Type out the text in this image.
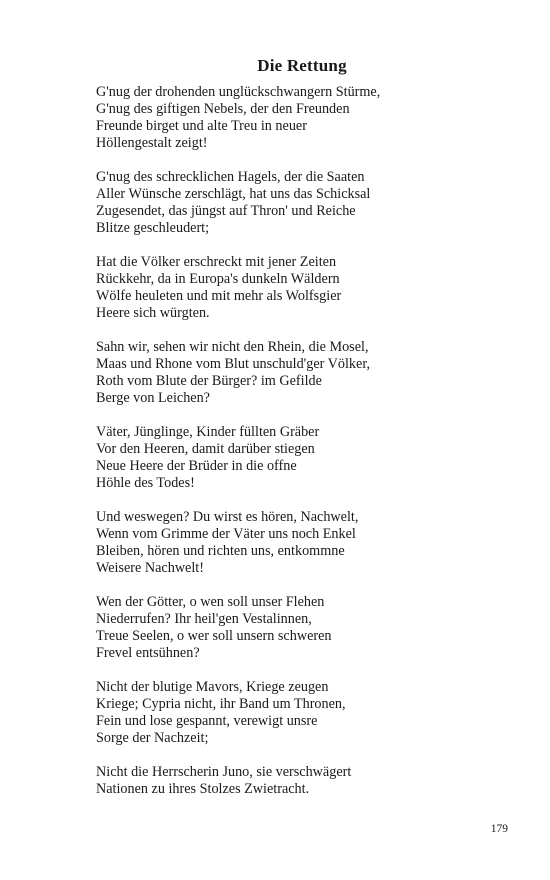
Die Rettung
G'nug der drohenden unglückschwangern Stürme,
G'nug des giftigen Nebels, der den Freunden
Freunde birget und alte Treu in neuer
Höllengestalt zeigt!
G'nug des schrecklichen Hagels, der die Saaten
Aller Wünsche zerschlägt, hat uns das Schicksal
Zugesendet, das jüngst auf Thron' und Reiche
Blitze geschleudert;
Hat die Völker erschreckt mit jener Zeiten
Rückkehr, da in Europa's dunkeln Wäldern
Wölfe heuleten und mit mehr als Wolfsgier
Heere sich würgten.
Sahn wir, sehen wir nicht den Rhein, die Mosel,
Maas und Rhone vom Blut unschuld'ger Völker,
Roth vom Blute der Bürger? im Gefilde
Berge von Leichen?
Väter, Jünglinge, Kinder füllten Gräber
Vor den Heeren, damit darüber stiegen
Neue Heere der Brüder in die offne
Höhle des Todes!
Und weswegen? Du wirst es hören, Nachwelt,
Wenn vom Grimme der Väter uns noch Enkel
Bleiben, hören und richten uns, entkommne
Weisere Nachwelt!
Wen der Götter, o wen soll unser Flehen
Niederrufen? Ihr heil'gen Vestalinnen,
Treue Seelen, o wer soll unsern schweren
Frevel entsühnen?
Nicht der blutige Mavors, Kriege zeugen
Kriege; Cypria nicht, ihr Band um Thronen,
Fein und lose gespannt, verewigt unsre
Sorge der Nachzeit;
Nicht die Herrscherin Juno, sie verschwägert
Nationen zu ihres Stolzes Zwietracht.
179
